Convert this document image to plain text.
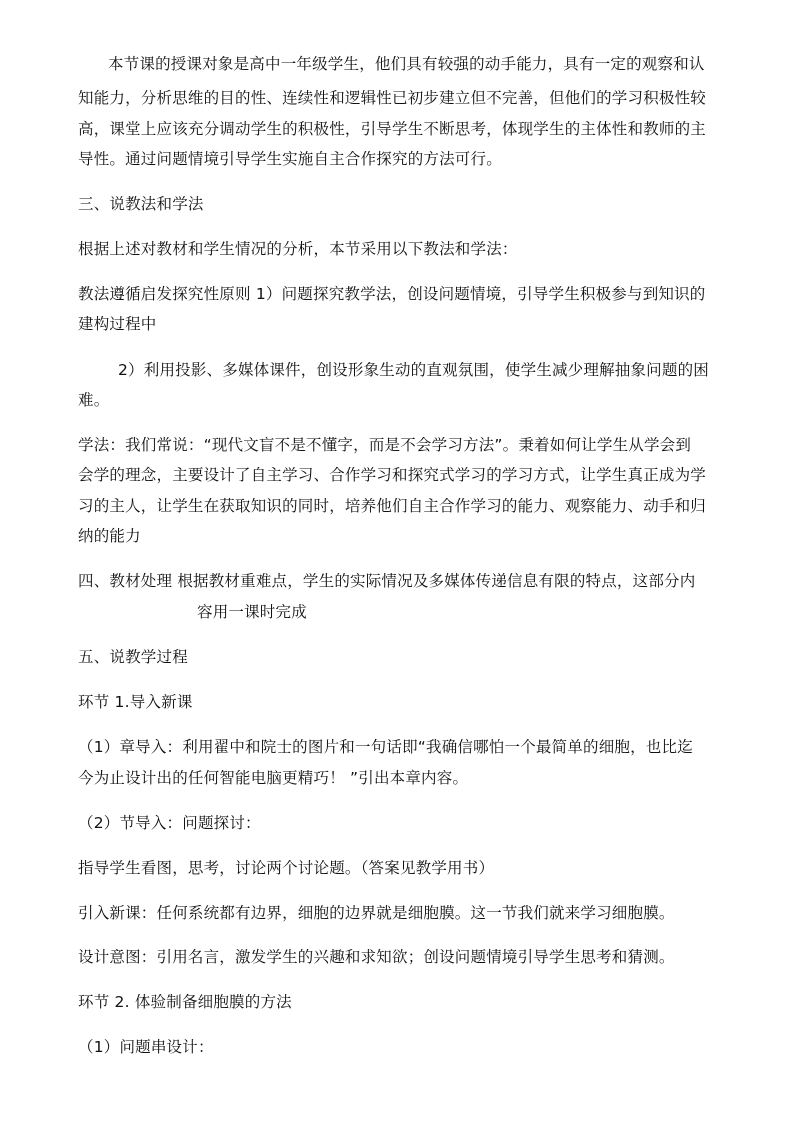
本节课的授课对象是高中一年级学生，他们具有较强的动手能力，具有一定的观察和认
知能力，分析思维的目的性、连续性和逻辑性已初步建立但不完善，但他们的学习积极性较
高，课堂上应该充分调动学生的积极性，引导学生不断思考，体现学生的主体性和教师的主
导性。通过问题情境引导学生实施自主合作探究的方法可行。
三、说教法和学法
根据上述对教材和学生情况的分析，本节采用以下教法和学法：
教法遵循启发探究性原则 1）问题探究教学法，创设问题情境，引导学生积极参与到知识的
建构过程中
2）利用投影、多媒体课件，创设形象生动的直观氛围，使学生减少理解抽象问题的困
难。
学法：我们常说：“现代文盲不是不懂字，而是不会学习方法”。秉着如何让学生从学会到
会学的理念，主要设计了自主学习、合作学习和探究式学习的学习方式，让学生真正成为学
习的主人，让学生在获取知识的同时，培养他们自主合作学习的能力、观察能力、动手和归
纳的能力
四、教材处理 根据教材重难点，学生的实际情况及多媒体传递信息有限的特点，这部分内
容用一课时完成
五、说教学过程
环节 1.导入新课
（1）章导入：利用翟中和院士的图片和一句话即“我确信哪怕一个最简单的细胞，也比迄
今为止设计出的任何智能电脑更精巧！ ”引出本章内容。
（2）节导入：问题探讨：
指导学生看图，思考，讨论两个讨论题。（答案见教学用书）
引入新课：任何系统都有边界，细胞的边界就是细胞膜。这一节我们就来学习细胞膜。
设计意图：引用名言，激发学生的兴趣和求知欲；创设问题情境引导学生思考和猜测。
环节 2. 体验制备细胞膜的方法
（1）问题串设计：
